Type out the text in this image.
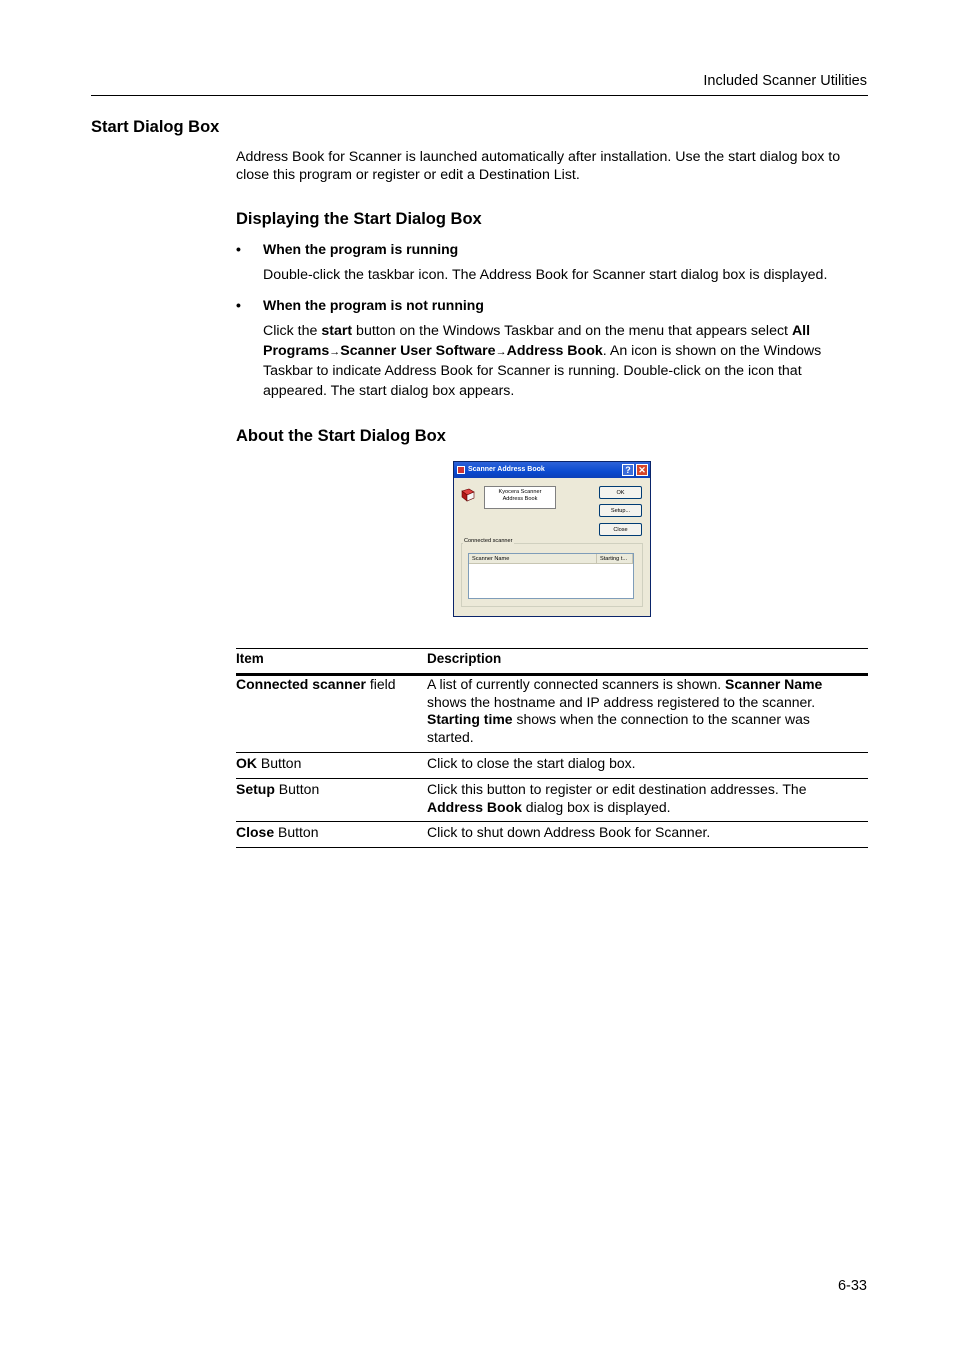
Included Scanner Utilities
Start Dialog Box
Address Book for Scanner is launched automatically after installation. Use the start dialog box to close this program or register or edit a Destination List.
Displaying the Start Dialog Box
• When the program is running
Double-click the taskbar icon. The Address Book for Scanner start dialog box is displayed.
• When the program is not running
Click the start button on the Windows Taskbar and on the menu that appears select All Programs→Scanner User Software→Address Book. An icon is shown on the Windows Taskbar to indicate Address Book for Scanner is running. Double-click on the icon that appeared. The start dialog box appears.
About the Start Dialog Box
Scanner Address Book	? ✕
Kyocera Scanner
Address Book
OK
Setup...
Close
Connected scanner
Scanner Name	Starting t...
Item	Description
Connected scanner field	A list of currently connected scanners is shown. Scanner Name shows the hostname and IP address registered to the scanner. Starting time shows when the connection to the scanner was started.
OK Button	Click to close the start dialog box.
Setup Button	Click this button to register or edit destination addresses. The Address Book dialog box is displayed.
Close Button	Click to shut down Address Book for Scanner.
6-33
